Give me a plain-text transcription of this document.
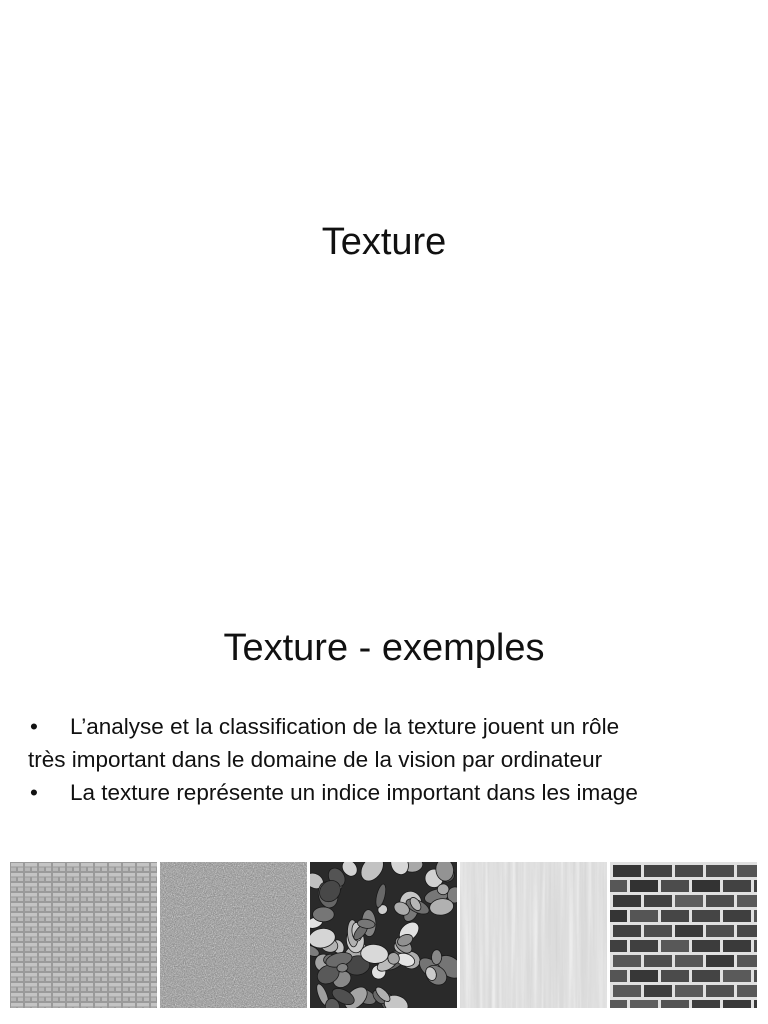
Texture
Texture - exemples
• L’analyse et la classification de la texture jouent un rôle
très important dans le domaine de la vision par ordinateur
• La texture représente un indice important dans les image
